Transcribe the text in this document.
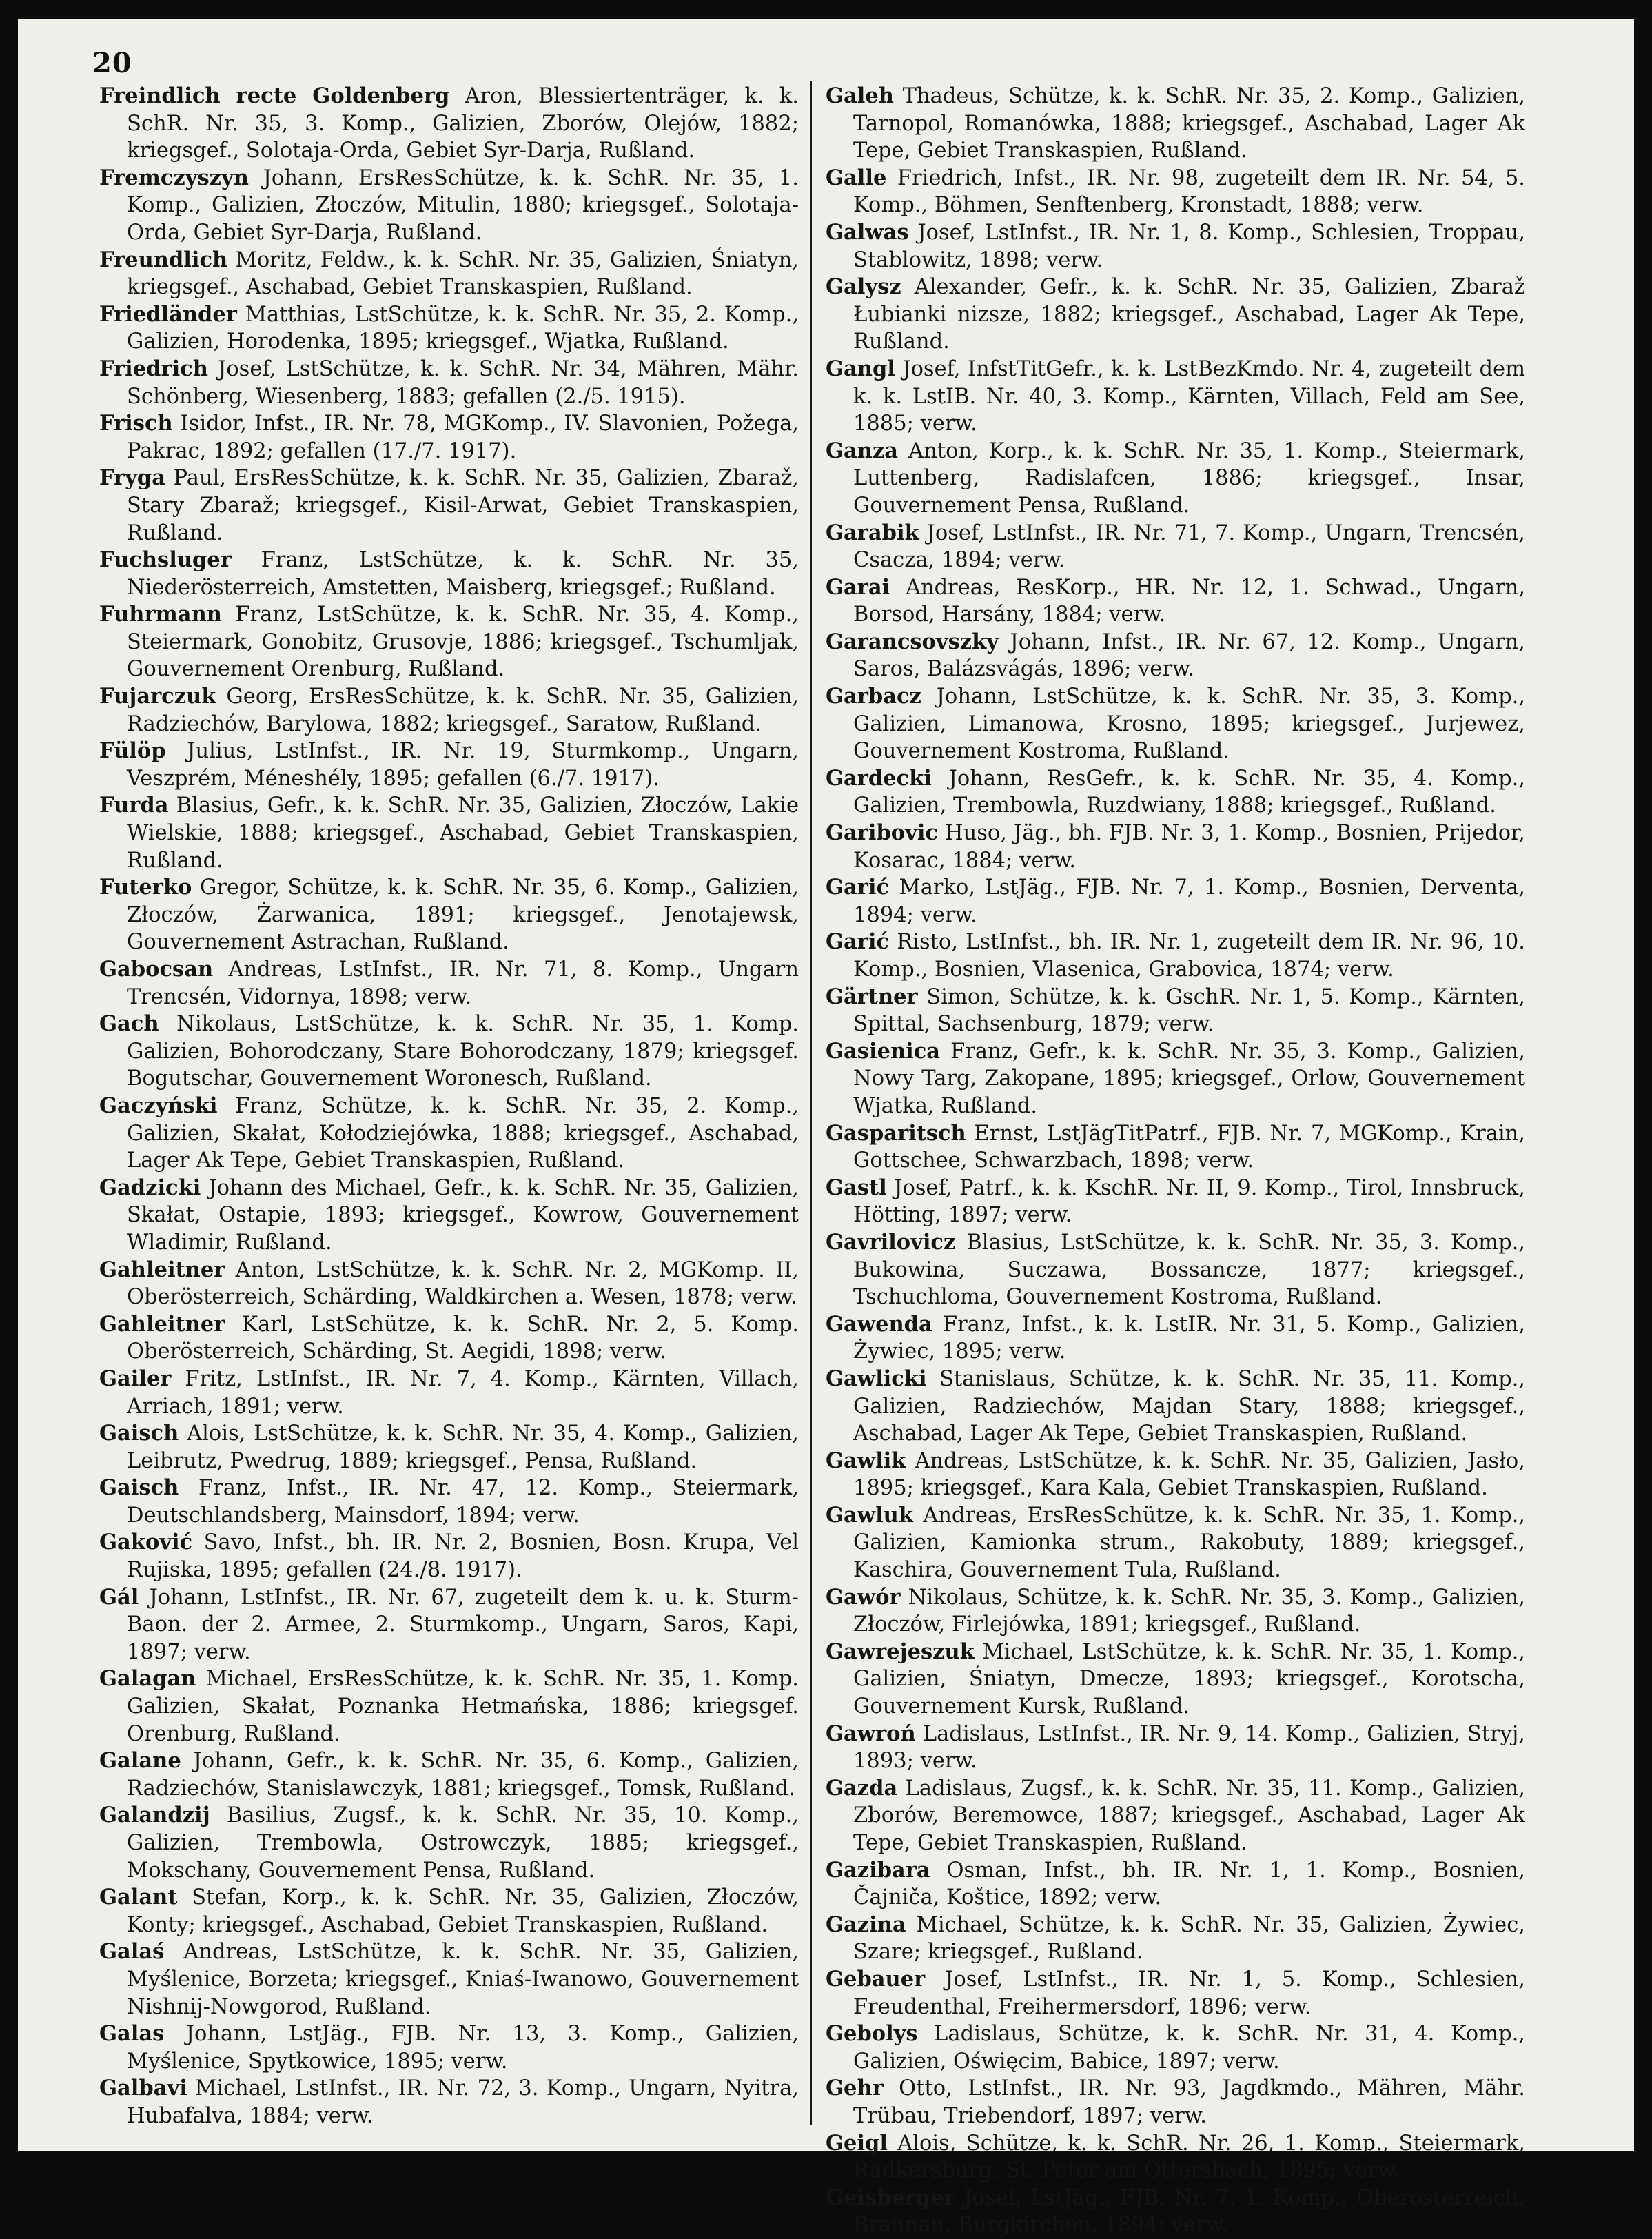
20

Freindlich recte Goldenberg Aron, Blessiertenträger, k. k. SchR. Nr. 35, 3. Komp., Galizien, Zborów, Olejów, 1882; kriegsgef., Solotaja-Orda, Gebiet Syr-Darja, Rußland.

Fremczyszyn Johann, ErsResSchütze, k. k. SchR. Nr. 35, 1. Komp., Galizien, Złoczów, Mitulin, 1880; kriegsgef., Solotaja-Orda, Gebiet Syr-Darja, Rußland.

Freundlich Moritz, Feldw., k. k. SchR. Nr. 35, Galizien, Śniatyn, kriegsgef., Aschabad, Gebiet Transkaspien, Rußland.

Friedländer Matthias, LstSchütze, k. k. SchR. Nr. 35, 2. Komp., Galizien, Horodenka, 1895; kriegsgef., Wjatka, Rußland.

Friedrich Josef, LstSchütze, k. k. SchR. Nr. 34, Mähren, Mähr. Schönberg, Wiesenberg, 1883; gefallen (2./5. 1915).

Frisch Isidor, Infst., IR. Nr. 78, MGKomp., IV. Slavonien, Požega, Pakrac, 1892; gefallen (17./7. 1917).

Fryga Paul, ErsResSchütze, k. k. SchR. Nr. 35, Galizien, Zbaraž, Stary Zbaraž; kriegsgef., Kisil-Arwat, Gebiet Transkaspien, Rußland.

Fuchsluger Franz, LstSchütze, k. k. SchR. Nr. 35, Niederösterreich, Amstetten, Maisberg, kriegsgef.; Rußland.

Fuhrmann Franz, LstSchütze, k. k. SchR. Nr. 35, 4. Komp., Steiermark, Gonobitz, Grusovje, 1886; kriegsgef., Tschumljak, Gouvernement Orenburg, Rußland.

Fujarczuk Georg, ErsResSchütze, k. k. SchR. Nr. 35, Galizien, Radziechów, Barylowa, 1882; kriegsgef., Saratow, Rußland.

Fülöp Julius, LstInfst., IR. Nr. 19, Sturmkomp., Ungarn, Veszprém, Méneshély, 1895; gefallen (6./7. 1917).

Furda Blasius, Gefr., k. k. SchR. Nr. 35, Galizien, Złoczów, Lakie Wielskie, 1888; kriegsgef., Aschabad, Gebiet Transkaspien, Rußland.

Futerko Gregor, Schütze, k. k. SchR. Nr. 35, 6. Komp., Galizien, Złoczów, Żarwanica, 1891; kriegsgef., Jenotajewsk, Gouvernement Astrachan, Rußland.

Gabocsan Andreas, LstInfst., IR. Nr. 71, 8. Komp., Ungarn Trencsén, Vidornya, 1898; verw.

Gach Nikolaus, LstSchütze, k. k. SchR. Nr. 35, 1. Komp. Galizien, Bohorodczany, Stare Bohorodczany, 1879; kriegsgef. Bogutschar, Gouvernement Woronesch, Rußland.

Gaczyński Franz, Schütze, k. k. SchR. Nr. 35, 2. Komp., Galizien, Skałat, Kołodziejówka, 1888; kriegsgef., Aschabad, Lager Ak Tepe, Gebiet Transkaspien, Rußland.

Gadzicki Johann des Michael, Gefr., k. k. SchR. Nr. 35, Galizien, Skałat, Ostapie, 1893; kriegsgef., Kowrow, Gouvernement Wladimir, Rußland.

Gahleitner Anton, LstSchütze, k. k. SchR. Nr. 2, MGKomp. II, Oberösterreich, Schärding, Waldkirchen a. Wesen, 1878; verw.

Gahleitner Karl, LstSchütze, k. k. SchR. Nr. 2, 5. Komp. Oberösterreich, Schärding, St. Aegidi, 1898; verw.

Gailer Fritz, LstInfst., IR. Nr. 7, 4. Komp., Kärnten, Villach, Arriach, 1891; verw.

Gaisch Alois, LstSchütze, k. k. SchR. Nr. 35, 4. Komp., Galizien, Leibrutz, Pwedrug, 1889; kriegsgef., Pensa, Rußland.

Gaisch Franz, Infst., IR. Nr. 47, 12. Komp., Steiermark, Deutschlandsberg, Mainsdorf, 1894; verw.

Gaković Savo, Infst., bh. IR. Nr. 2, Bosnien, Bosn. Krupa, Vel Rujiska, 1895; gefallen (24./8. 1917).

Gál Johann, LstInfst., IR. Nr. 67, zugeteilt dem k. u. k. Sturm-Baon. der 2. Armee, 2. Sturmkomp., Ungarn, Saros, Kapi, 1897; verw.

Galagan Michael, ErsResSchütze, k. k. SchR. Nr. 35, 1. Komp. Galizien, Skałat, Poznanka Hetmańska, 1886; kriegsgef. Orenburg, Rußland.

Galane Johann, Gefr., k. k. SchR. Nr. 35, 6. Komp., Galizien, Radziechów, Stanislawczyk, 1881; kriegsgef., Tomsk, Rußland.

Galandzij Basilius, Zugsf., k. k. SchR. Nr. 35, 10. Komp., Galizien, Trembowla, Ostrowczyk, 1885; kriegsgef., Mokschany, Gouvernement Pensa, Rußland.

Galant Stefan, Korp., k. k. SchR. Nr. 35, Galizien, Złoczów, Konty; kriegsgef., Aschabad, Gebiet Transkaspien, Rußland.

Galaś Andreas, LstSchütze, k. k. SchR. Nr. 35, Galizien, Myślenice, Borzeta; kriegsgef., Kniaś-Iwanowo, Gouvernement Nishnij-Nowgorod, Rußland.

Galas Johann, LstJäg., FJB. Nr. 13, 3. Komp., Galizien, Myślenice, Spytkowice, 1895; verw.

Galbavi Michael, LstInfst., IR. Nr. 72, 3. Komp., Ungarn, Nyitra, Hubafalva, 1884; verw.

Galeh Thadeus, Schütze, k. k. SchR. Nr. 35, 2. Komp., Galizien, Tarnopol, Romanówka, 1888; kriegsgef., Aschabad, Lager Ak Tepe, Gebiet Transkaspien, Rußland.

Galle Friedrich, Infst., IR. Nr. 98, zugeteilt dem IR. Nr. 54, 5. Komp., Böhmen, Senftenberg, Kronstadt, 1888; verw.

Galwas Josef, LstInfst., IR. Nr. 1, 8. Komp., Schlesien, Troppau, Stablowitz, 1898; verw.

Galysz Alexander, Gefr., k. k. SchR. Nr. 35, Galizien, Zbaraž Łubianki nizsze, 1882; kriegsgef., Aschabad, Lager Ak Tepe, Rußland.

Gangl Josef, InfstTitGefr., k. k. LstBezKmdo. Nr. 4, zugeteilt dem k. k. LstIB. Nr. 40, 3. Komp., Kärnten, Villach, Feld am See, 1885; verw.

Ganza Anton, Korp., k. k. SchR. Nr. 35, 1. Komp., Steiermark, Luttenberg, Radislafcen, 1886; kriegsgef., Insar, Gouvernement Pensa, Rußland.

Garabik Josef, LstInfst., IR. Nr. 71, 7. Komp., Ungarn, Trencsén, Csacza, 1894; verw.

Garai Andreas, ResKorp., HR. Nr. 12, 1. Schwad., Ungarn, Borsod, Harsány, 1884; verw.

Garancsovszky Johann, Infst., IR. Nr. 67, 12. Komp., Ungarn, Saros, Balázsvágás, 1896; verw.

Garbacz Johann, LstSchütze, k. k. SchR. Nr. 35, 3. Komp., Galizien, Limanowa, Krosno, 1895; kriegsgef., Jurjewez, Gouvernement Kostroma, Rußland.

Gardecki Johann, ResGefr., k. k. SchR. Nr. 35, 4. Komp., Galizien, Trembowla, Ruzdwiany, 1888; kriegsgef., Rußland.

Garibovic Huso, Jäg., bh. FJB. Nr. 3, 1. Komp., Bosnien, Prijedor, Kosarac, 1884; verw.

Garić Marko, LstJäg., FJB. Nr. 7, 1. Komp., Bosnien, Derventa, 1894; verw.

Garić Risto, LstInfst., bh. IR. Nr. 1, zugeteilt dem IR. Nr. 96, 10. Komp., Bosnien, Vlasenica, Grabovica, 1874; verw.

Gärtner Simon, Schütze, k. k. GschR. Nr. 1, 5. Komp., Kärnten, Spittal, Sachsenburg, 1879; verw.

Gasienica Franz, Gefr., k. k. SchR. Nr. 35, 3. Komp., Galizien, Nowy Targ, Zakopane, 1895; kriegsgef., Orlow, Gouvernement Wjatka, Rußland.

Gasparitsch Ernst, LstJägTitPatrf., FJB. Nr. 7, MGKomp., Krain, Gottschee, Schwarzbach, 1898; verw.

Gastl Josef, Patrf., k. k. KschR. Nr. II, 9. Komp., Tirol, Innsbruck, Hötting, 1897; verw.

Gavrilovicz Blasius, LstSchütze, k. k. SchR. Nr. 35, 3. Komp., Bukowina, Suczawa, Bossancze, 1877; kriegsgef., Tschuchloma, Gouvernement Kostroma, Rußland.

Gawenda Franz, Infst., k. k. LstIR. Nr. 31, 5. Komp., Galizien, Żywiec, 1895; verw.

Gawlicki Stanislaus, Schütze, k. k. SchR. Nr. 35, 11. Komp., Galizien, Radziechów, Majdan Stary, 1888; kriegsgef., Aschabad, Lager Ak Tepe, Gebiet Transkaspien, Rußland.

Gawlik Andreas, LstSchütze, k. k. SchR. Nr. 35, Galizien, Jasło, 1895; kriegsgef., Kara Kala, Gebiet Transkaspien, Rußland.

Gawluk Andreas, ErsResSchütze, k. k. SchR. Nr. 35, 1. Komp., Galizien, Kamionka strum., Rakobuty, 1889; kriegsgef., Kaschira, Gouvernement Tula, Rußland.

Gawór Nikolaus, Schütze, k. k. SchR. Nr. 35, 3. Komp., Galizien, Złoczów, Firlejówka, 1891; kriegsgef., Rußland.

Gawrejeszuk Michael, LstSchütze, k. k. SchR. Nr. 35, 1. Komp., Galizien, Śniatyn, Dmecze, 1893; kriegsgef., Korotscha, Gouvernement Kursk, Rußland.

Gawroń Ladislaus, LstInfst., IR. Nr. 9, 14. Komp., Galizien, Stryj, 1893; verw.

Gazda Ladislaus, Zugsf., k. k. SchR. Nr. 35, 11. Komp., Galizien, Zborów, Beremowce, 1887; kriegsgef., Aschabad, Lager Ak Tepe, Gebiet Transkaspien, Rußland.

Gazibara Osman, Infst., bh. IR. Nr. 1, 1. Komp., Bosnien, Čajniča, Koštice, 1892; verw.

Gazina Michael, Schütze, k. k. SchR. Nr. 35, Galizien, Żywiec, Szare; kriegsgef., Rußland.

Gebauer Josef, LstInfst., IR. Nr. 1, 5. Komp., Schlesien, Freudenthal, Freihermersdorf, 1896; verw.

Gebolys Ladislaus, Schütze, k. k. SchR. Nr. 31, 4. Komp., Galizien, Oświęcim, Babice, 1897; verw.

Gehr Otto, LstInfst., IR. Nr. 93, Jagdkmdo., Mähren, Mähr. Trübau, Triebendorf, 1897; verw.

Geigl Alois, Schütze, k. k. SchR. Nr. 26, 1. Komp., Steiermark, Radkersburg, St. Peter am Ottersbach, 1895; verw.

Geisberger Josef, LstJäg., FJB. Nr. 7, 1. Komp., Oberösterreich, Braunau, Burgkirchen, 1894; verw.
